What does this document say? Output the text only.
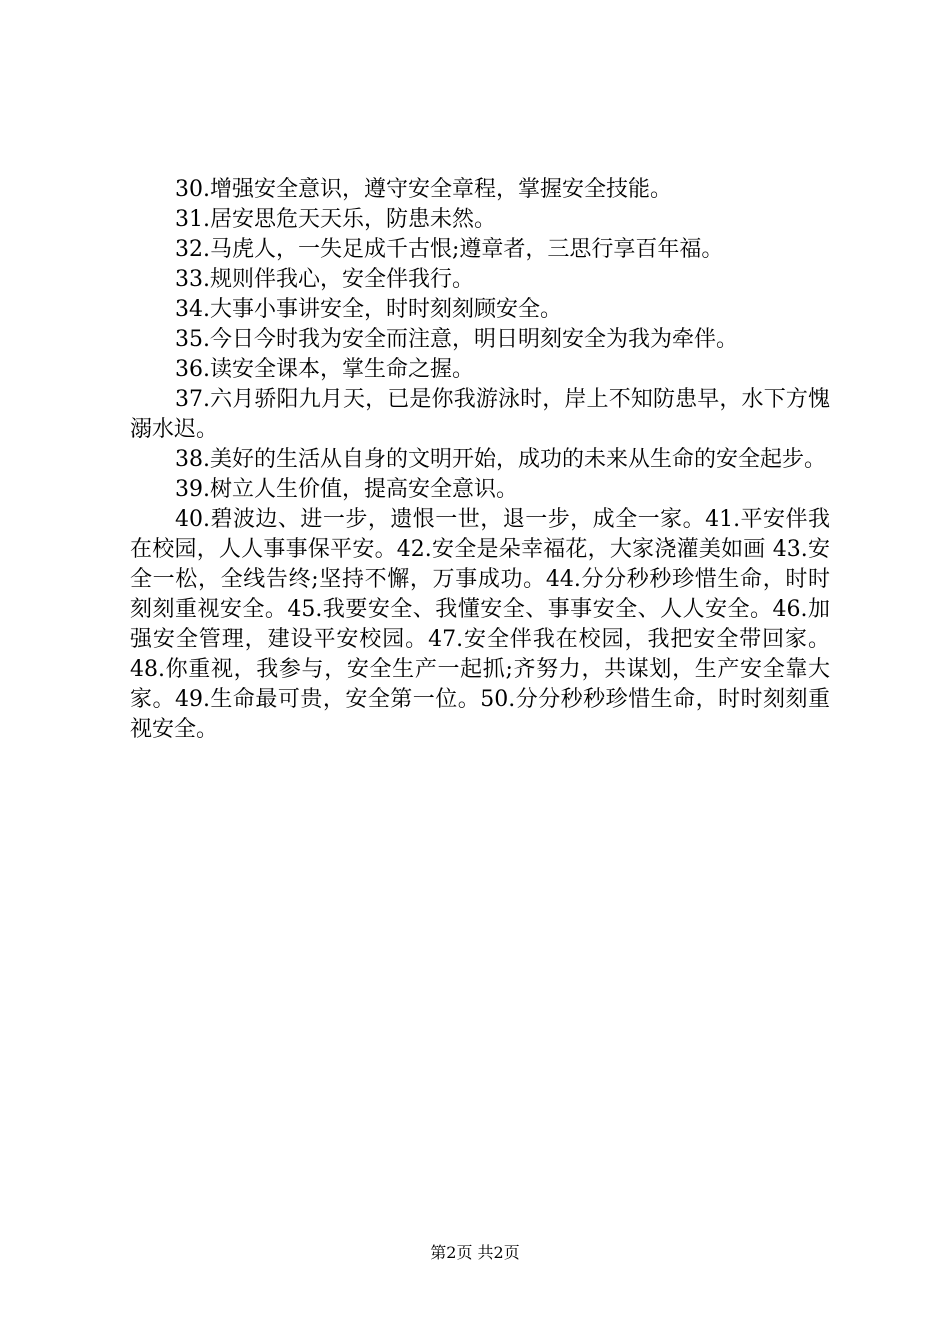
30.增强安全意识，遵守安全章程，掌握安全技能。

31.居安思危天天乐，防患未然。

32.马虎人，一失足成千古恨;遵章者，三思行享百年福。

33.规则伴我心，安全伴我行。

34.大事小事讲安全，时时刻刻顾安全。

35.今日今时我为安全而注意，明日明刻安全为我为牵伴。

36.读安全课本，掌生命之握。

37.六月骄阳九月天，已是你我游泳时，岸上不知防患早，水下方愧溺水迟。

38.美好的生活从自身的文明开始，成功的未来从生命的安全起步。

39.树立人生价值，提高安全意识。

40.碧波边、进一步，遗恨一世，退一步，成全一家。41.平安伴我在校园，人人事事保平安。42.安全是朵幸福花，大家浇灌美如画 43.安全一松，全线告终;坚持不懈，万事成功。44.分分秒秒珍惜生命，时时刻刻重视安全。45.我要安全、我懂安全、事事安全、人人安全。46.加强安全管理，建设平安校园。47.安全伴我在校园，我把安全带回家。48.你重视，我参与，安全生产一起抓;齐努力，共谋划，生产安全靠大家。49.生命最可贵，安全第一位。50.分分秒秒珍惜生命，时时刻刻重视安全。

第2页 共2页
